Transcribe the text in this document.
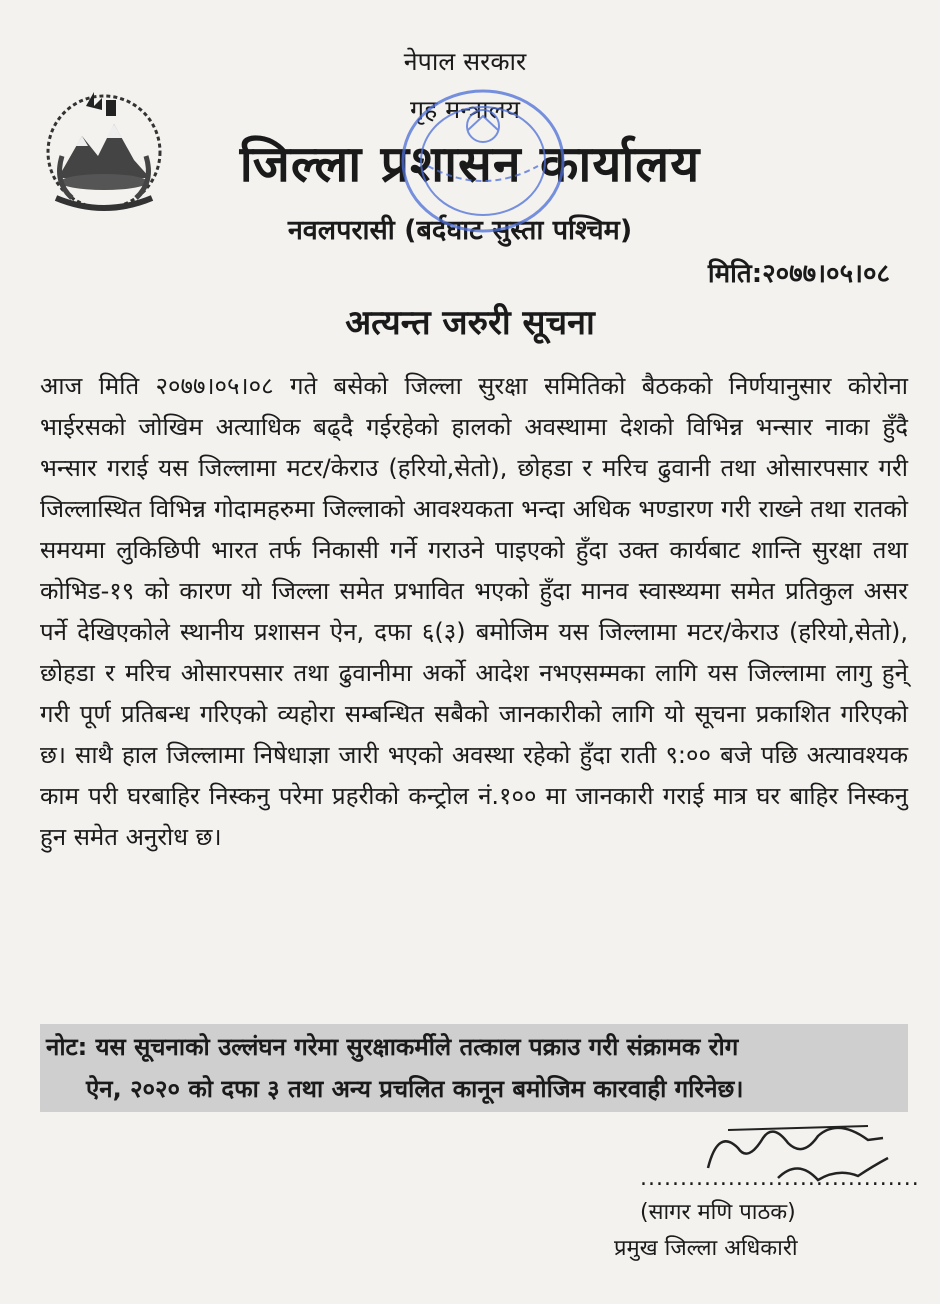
नेपाल सरकार
गृह मन्त्रालय
जिल्ला प्रशासन कार्यालय
नवलपरासी (बर्दघाट सुस्ता पश्चिम)
मिति:२०७७।०५।०८
अत्यन्त जरुरी सूचना
आज मिति २०७७।०५।०८ गते बसेको जिल्ला सुरक्षा समितिको बैठकको निर्णयानुसार कोरोना भाईरसको जोखिम अत्याधिक बढ्दै गईरहेको हालको अवस्थामा देशको विभिन्न भन्सार नाका हुँदै भन्सार गराई यस जिल्लामा मटर/केराउ (हरियो,सेतो), छोहडा र मरिच ढुवानी तथा ओसारपसार गरी जिल्लास्थित विभिन्न गोदामहरुमा जिल्लाको आवश्यकता भन्दा अधिक भण्डारण गरी राख्ने तथा रातको समयमा लुकिछिपी भारत तर्फ निकासी गर्ने गराउने पाइएको हुँदा उक्त कार्यबाट शान्ति सुरक्षा तथा कोभिड-१९ को कारण यो जिल्ला समेत प्रभावित भएको हुँदा मानव स्वास्थ्यमा समेत प्रतिकुल असर पर्ने देखिएकोले स्थानीय प्रशासन ऐन, दफा ६(३) बमोजिम यस जिल्लामा मटर/केराउ (हरियो,सेतो), छोहडा र मरिच ओसारपसार तथा ढुवानीमा अर्को आदेश नभएसम्मका लागि यस जिल्लामा लागु हुने् गरी पूर्ण प्रतिबन्ध गरिएको व्यहोरा सम्बन्धित सबैको जानकारीको लागि यो सूचना प्रकाशित गरिएको छ। साथै हाल जिल्लामा निषेधाज्ञा जारी भएको अवस्था रहेको हुँदा राती ९:०० बजे पछि अत्यावश्यक काम परी घरबाहिर निस्कनु परेमा प्रहरीको कन्ट्रोल नं.१०० मा जानकारी गराई मात्र घर बाहिर निस्कनु हुन समेत अनुरोध छ।
नोट: यस सूचनाको उल्लंघन गरेमा सुरक्षाकर्मीले तत्काल पक्राउ गरी संक्रामक रोग
ऐन, २०२० को दफा ३ तथा अन्य प्रचलित कानून बमोजिम कारवाही गरिनेछ।
...................................
(सागर मणि पाठक)
प्रमुख जिल्ला अधिकारी
